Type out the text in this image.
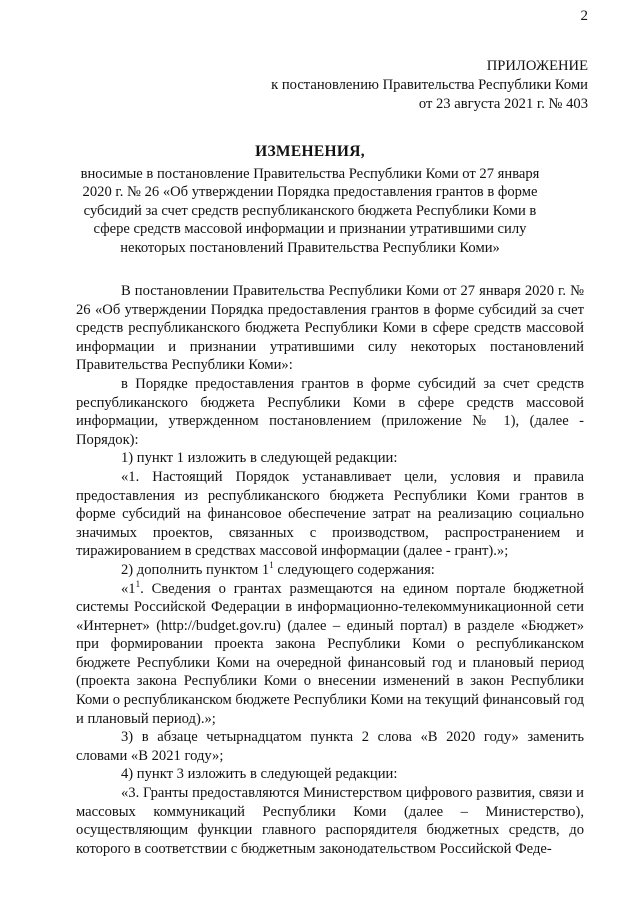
2
ПРИЛОЖЕНИЕ
к постановлению Правительства Республики Коми
от 23 августа 2021 г. № 403
ИЗМЕНЕНИЯ,
вносимые в постановление Правительства Республики Коми от 27 января 2020 г. № 26 «Об утверждении Порядка предоставления грантов в форме субсидий за счет средств республиканского бюджета Республики Коми в сфере средств массовой информации и признании утратившими силу некоторых постановлений Правительства Республики Коми»

В постановлении Правительства Республики Коми от 27 января 2020 г. № 26 «Об утверждении Порядка предоставления грантов в форме субсидий за счет средств республиканского бюджета Республики Коми в сфере средств массовой информации и признании утратившими силу некоторых постановлений Правительства Республики Коми»:

в Порядке предоставления грантов в форме субсидий за счет средств республиканского бюджета Республики Коми в сфере средств массовой информации, утвержденном постановлением (приложение № 1), (далее - Порядок):

1) пункт 1 изложить в следующей редакции:

«1. Настоящий Порядок устанавливает цели, условия и правила предоставления из республиканского бюджета Республики Коми грантов в форме субсидий на финансовое обеспечение затрат на реализацию социально значимых проектов, связанных с производством, распространением и тиражированием в средствах массовой информации (далее - грант).»;

2) дополнить пунктом $1^1$ следующего содержания:

«$1^1$. Сведения о грантах размещаются на едином портале бюджетной системы Российской Федерации в информационно-телекоммуникационной сети «Интернет» (http://budget.gov.ru) (далее – единый портал) в разделе «Бюджет» при формировании проекта закона Республики Коми о республиканском бюджете Республики Коми на очередной финансовый год и плановый период (проекта закона Республики Коми о внесении изменений в закон Республики Коми о республиканском бюджете Республики Коми на текущий финансовый год и плановый период).»;

3) в абзаце четырнадцатом пункта 2 слова «В 2020 году» заменить словами «В 2021 году»;

4) пункт 3 изложить в следующей редакции:

«3. Гранты предоставляются Министерством цифрового развития, связи и массовых коммуникаций Республики Коми (далее – Министерство), осуществляющим функции главного распорядителя бюджетных средств, до которого в соответствии с бюджетным законодательством Российской Феде-
